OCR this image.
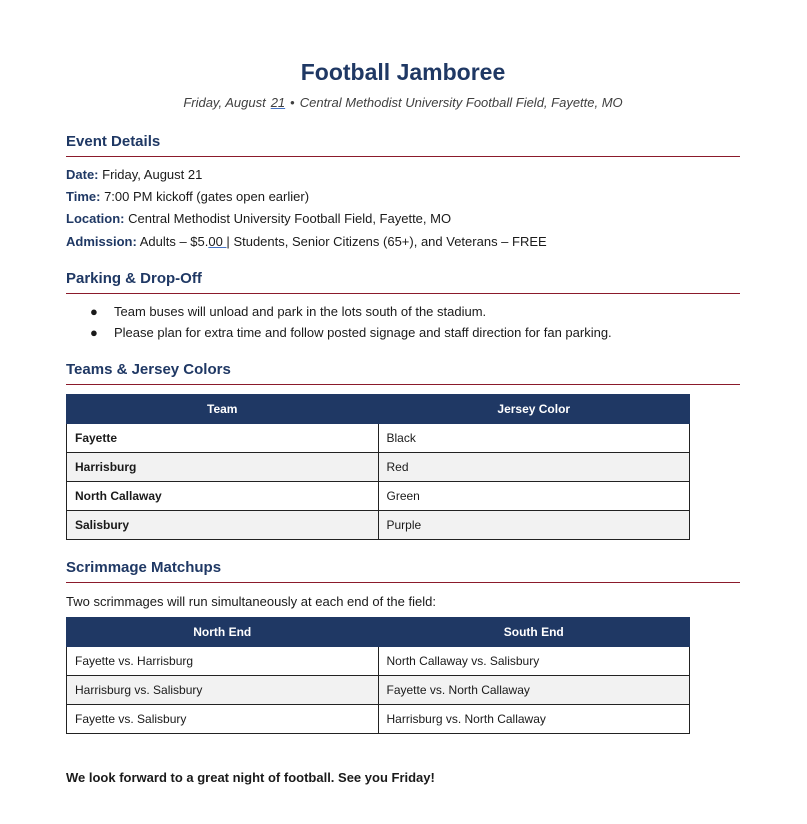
Football Jamboree
Friday, August 21 • Central Methodist University Football Field, Fayette, MO
Event Details
Date: Friday, August 21
Time: 7:00 PM kickoff (gates open earlier)
Location: Central Methodist University Football Field, Fayette, MO
Admission: Adults – $5.00 | Students, Senior Citizens (65+), and Veterans – FREE
Parking & Drop-Off
● Team buses will unload and park in the lots south of the stadium.
● Please plan for extra time and follow posted signage and staff direction for fan parking.
Teams & Jersey Colors
Team	Jersey Color
Fayette	Black
Harrisburg	Red
North Callaway	Green
Salisbury	Purple
Scrimmage Matchups
Two scrimmages will run simultaneously at each end of the field:
North End	South End
Fayette vs. Harrisburg	North Callaway vs. Salisbury
Harrisburg vs. Salisbury	Fayette vs. North Callaway
Fayette vs. Salisbury	Harrisburg vs. North Callaway
We look forward to a great night of football. See you Friday!
